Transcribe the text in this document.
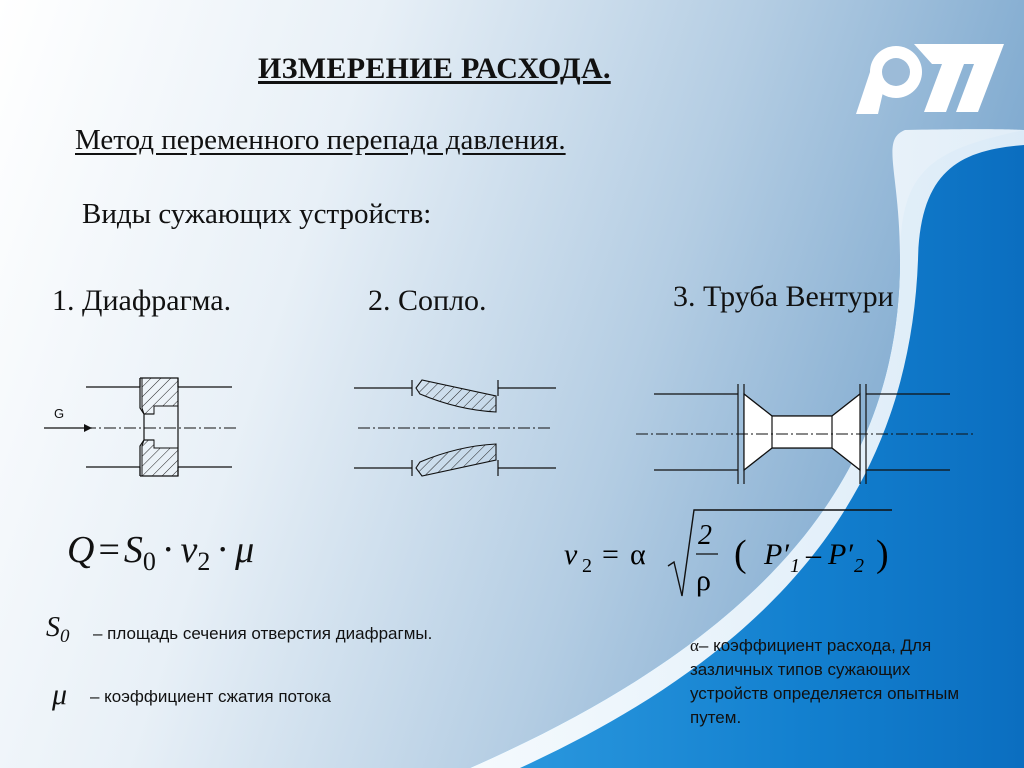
ИЗМЕРЕНИЕ РАСХОДА.
Метод переменного перепада давления.
Виды сужающих устройств:
1. Диафрагма.	2. Сопло.	3. Труба Вентури
G
$Q = S_0 \cdot v_2 \cdot \mu$	v 2 = α
2
ρ
( P′ 1 – P′ 2 )
$S_0$ – площадь сечения отверстия диафрагмы.
μ – коэффициент сжатия потока
α– коэффициент расхода, Для зазличных типов сужающих устройств определяется опытным путем.
